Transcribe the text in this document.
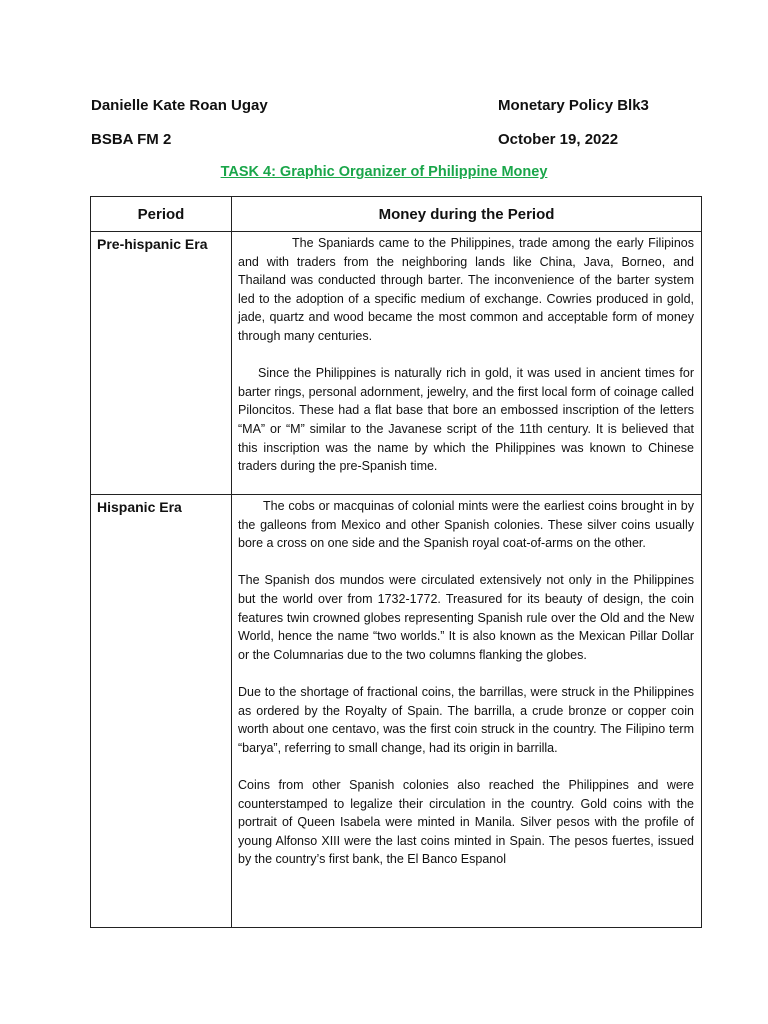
Danielle Kate Roan Ugay	Monetary Policy Blk3
BSBA FM 2	October 19, 2022
TASK 4: Graphic Organizer of Philippine Money
Period	Money during the Period
Pre-hispanic Era	The Spaniards came to the Philippines, trade among the early Filipinos and with traders from the neighboring lands like China, Java, Borneo, and Thailand was conducted through barter. The inconvenience of the barter system led to the adoption of a specific medium of exchange. Cowries produced in gold, jade, quartz and wood became the most common and acceptable form of money through many centuries.

Since the Philippines is naturally rich in gold, it was used in ancient times for barter rings, personal adornment, jewelry, and the first local form of coinage called Piloncitos. These had a flat base that bore an embossed inscription of the letters “MA” or “M” similar to the Javanese script of the 11th century. It is believed that this inscription was the name by which the Philippines was known to Chinese traders during the pre-Spanish time.

Hispanic Era	The cobs or macquinas of colonial mints were the earliest coins brought in by the galleons from Mexico and other Spanish colonies. These silver coins usually bore a cross on one side and the Spanish royal coat-of-arms on the other.

The Spanish dos mundos were circulated extensively not only in the Philippines but the world over from 1732-1772. Treasured for its beauty of design, the coin features twin crowned globes representing Spanish rule over the Old and the New World, hence the name “two worlds.” It is also known as the Mexican Pillar Dollar or the Columnarias due to the two columns flanking the globes.

Due to the shortage of fractional coins, the barrillas, were struck in the Philippines as ordered by the Royalty of Spain. The barrilla, a crude bronze or copper coin worth about one centavo, was the first coin struck in the country. The Filipino term “barya”, referring to small change, had its origin in barrilla.

Coins from other Spanish colonies also reached the Philippines and were counterstamped to legalize their circulation in the country. Gold coins with the portrait of Queen Isabela were minted in Manila. Silver pesos with the profile of young Alfonso XIII were the last coins minted in Spain. The pesos fuertes, issued by the country’s first bank, the El Banco Espanol
